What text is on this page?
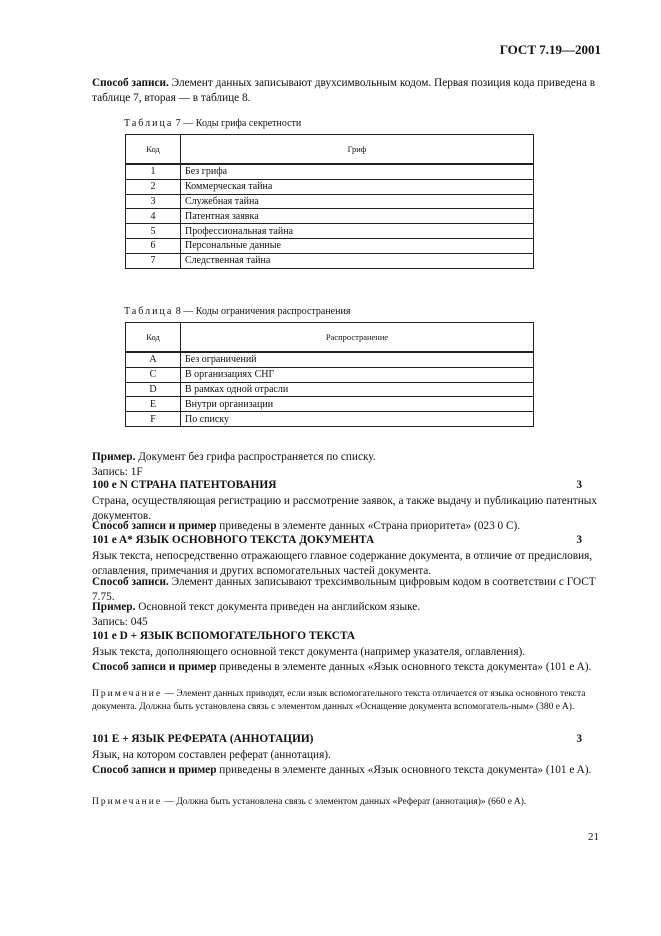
ГОСТ 7.19—2001
Способ записи. Элемент данных записывают двухсимвольным кодом. Первая позиция кода приведена в таблице 7, вторая — в таблице 8.
Таблица 7 — Коды грифа секретности
Код	Гриф
1	Без грифа
2	Коммерческая тайна
3	Служебная тайна
4	Патентная заявка
5	Профессиональная тайна
6	Персональные данные
7	Следственная тайна
Таблица 8 — Коды ограничения распространения
Код	Распространение
A	Без ограничений
C	В организациях СНГ
D	В рамках одной отрасли
E	Внутри организации
F	По списку
Пример. Документ без грифа распространяется по списку.
Запись: 1F
100 e N СТРАНА ПАТЕНТОВАНИЯ	3
Страна, осуществляющая регистрацию и рассмотрение заявок, а также выдачу и публикацию патентных документов.
Способ записи и пример приведены в элементе данных «Страна приоритета» (023 0 C).
101 e A* ЯЗЫК ОСНОВНОГО ТЕКСТА ДОКУМЕНТА	3
Язык текста, непосредственно отражающего главное содержание документа, в отличие от предисловия, оглавления, примечания и других вспомогательных частей документа.
Способ записи. Элемент данных записывают трехсимвольным цифровым кодом в соответствии с ГОСТ 7.75.
Пример. Основной текст документа приведен на английском языке.
Запись: 045
101 e D + ЯЗЫК ВСПОМОГАТЕЛЬНОГО ТЕКСТА
Язык текста, дополняющего основной текст документа (например указателя, оглавления).
Способ записи и пример приведены в элементе данных «Язык основного текста документа» (101 e A).
Примечание — Элемент данных приводят, если язык вспомогательного текста отличается от языка основного текста документа. Должна быть установлена связь с элементом данных «Оснащение документа вспомогатель-ным» (380 e A).
101 E + ЯЗЫК РЕФЕРАТА (АННОТАЦИИ)	3
Язык, на котором составлен реферат (аннотация).
Способ записи и пример приведены в элементе данных «Язык основного текста документа» (101 e A).
Примечание — Должна быть установлена связь с элементом данных «Реферат (аннотация)» (660 e A).
21
